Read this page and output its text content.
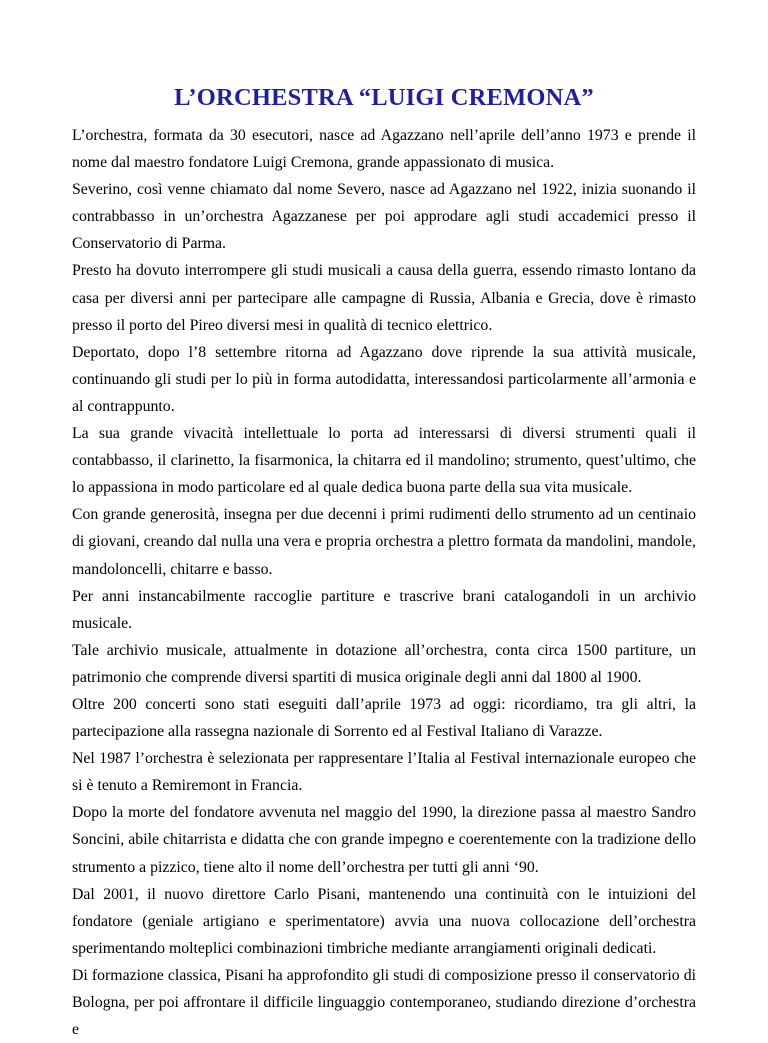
L’ORCHESTRA “LUIGI CREMONA”

L’orchestra, formata da 30 esecutori, nasce ad Agazzano nell’aprile dell’anno 1973 e prende il nome dal maestro fondatore Luigi Cremona, grande appassionato di musica.

Severino, così venne chiamato dal nome Severo, nasce ad Agazzano nel 1922, inizia suonando il contrabbasso in un’orchestra Agazzanese per poi approdare agli studi accademici presso il Conservatorio di Parma.

Presto ha dovuto interrompere gli studi musicali a causa della guerra, essendo rimasto lontano da casa per diversi anni per partecipare alle campagne di Russia, Albania e Grecia, dove è rimasto presso il porto del Pireo diversi mesi in qualità di tecnico elettrico.

Deportato, dopo l’8 settembre ritorna ad Agazzano dove riprende la sua attività musicale, continuando gli studi per lo più in forma autodidatta, interessandosi particolarmente all’armonia e al contrappunto.

La sua grande vivacità intellettuale lo porta ad interessarsi di diversi strumenti quali il contabbasso, il clarinetto, la fisarmonica, la chitarra ed il mandolino; strumento, quest’ultimo, che lo appassiona in modo particolare ed al quale dedica buona parte della sua vita musicale.

Con grande generosità, insegna per due decenni i primi rudimenti dello strumento ad un centinaio di giovani, creando dal nulla una vera e propria orchestra a plettro formata da mandolini, mandole, mandoloncelli, chitarre e basso.

Per anni instancabilmente raccoglie partiture e trascrive brani catalogandoli in un archivio musicale.

Tale archivio musicale, attualmente in dotazione all’orchestra, conta circa 1500 partiture, un patrimonio che comprende diversi spartiti di musica originale degli anni dal 1800 al 1900.

Oltre 200 concerti sono stati eseguiti dall’aprile 1973 ad oggi: ricordiamo, tra gli altri, la partecipazione alla rassegna nazionale di Sorrento ed al Festival Italiano di Varazze.

Nel 1987 l’orchestra è selezionata per rappresentare l’Italia al Festival internazionale europeo che si è tenuto a Remiremont in Francia.

Dopo la morte del fondatore avvenuta nel maggio del 1990, la direzione passa al maestro Sandro Soncini, abile chitarrista e didatta che con grande impegno e coerentemente con la tradizione dello strumento a pizzico, tiene alto il nome dell’orchestra per tutti gli anni ‘90.

Dal 2001, il nuovo direttore Carlo Pisani, mantenendo una continuità con le intuizioni del fondatore (geniale artigiano e sperimentatore) avvia una nuova collocazione dell’orchestra sperimentando molteplici combinazioni timbriche mediante arrangiamenti originali dedicati.

Di formazione classica, Pisani ha approfondito gli studi di composizione presso il conservatorio di Bologna, per poi affrontare il difficile linguaggio contemporaneo, studiando direzione d’orchestra e
